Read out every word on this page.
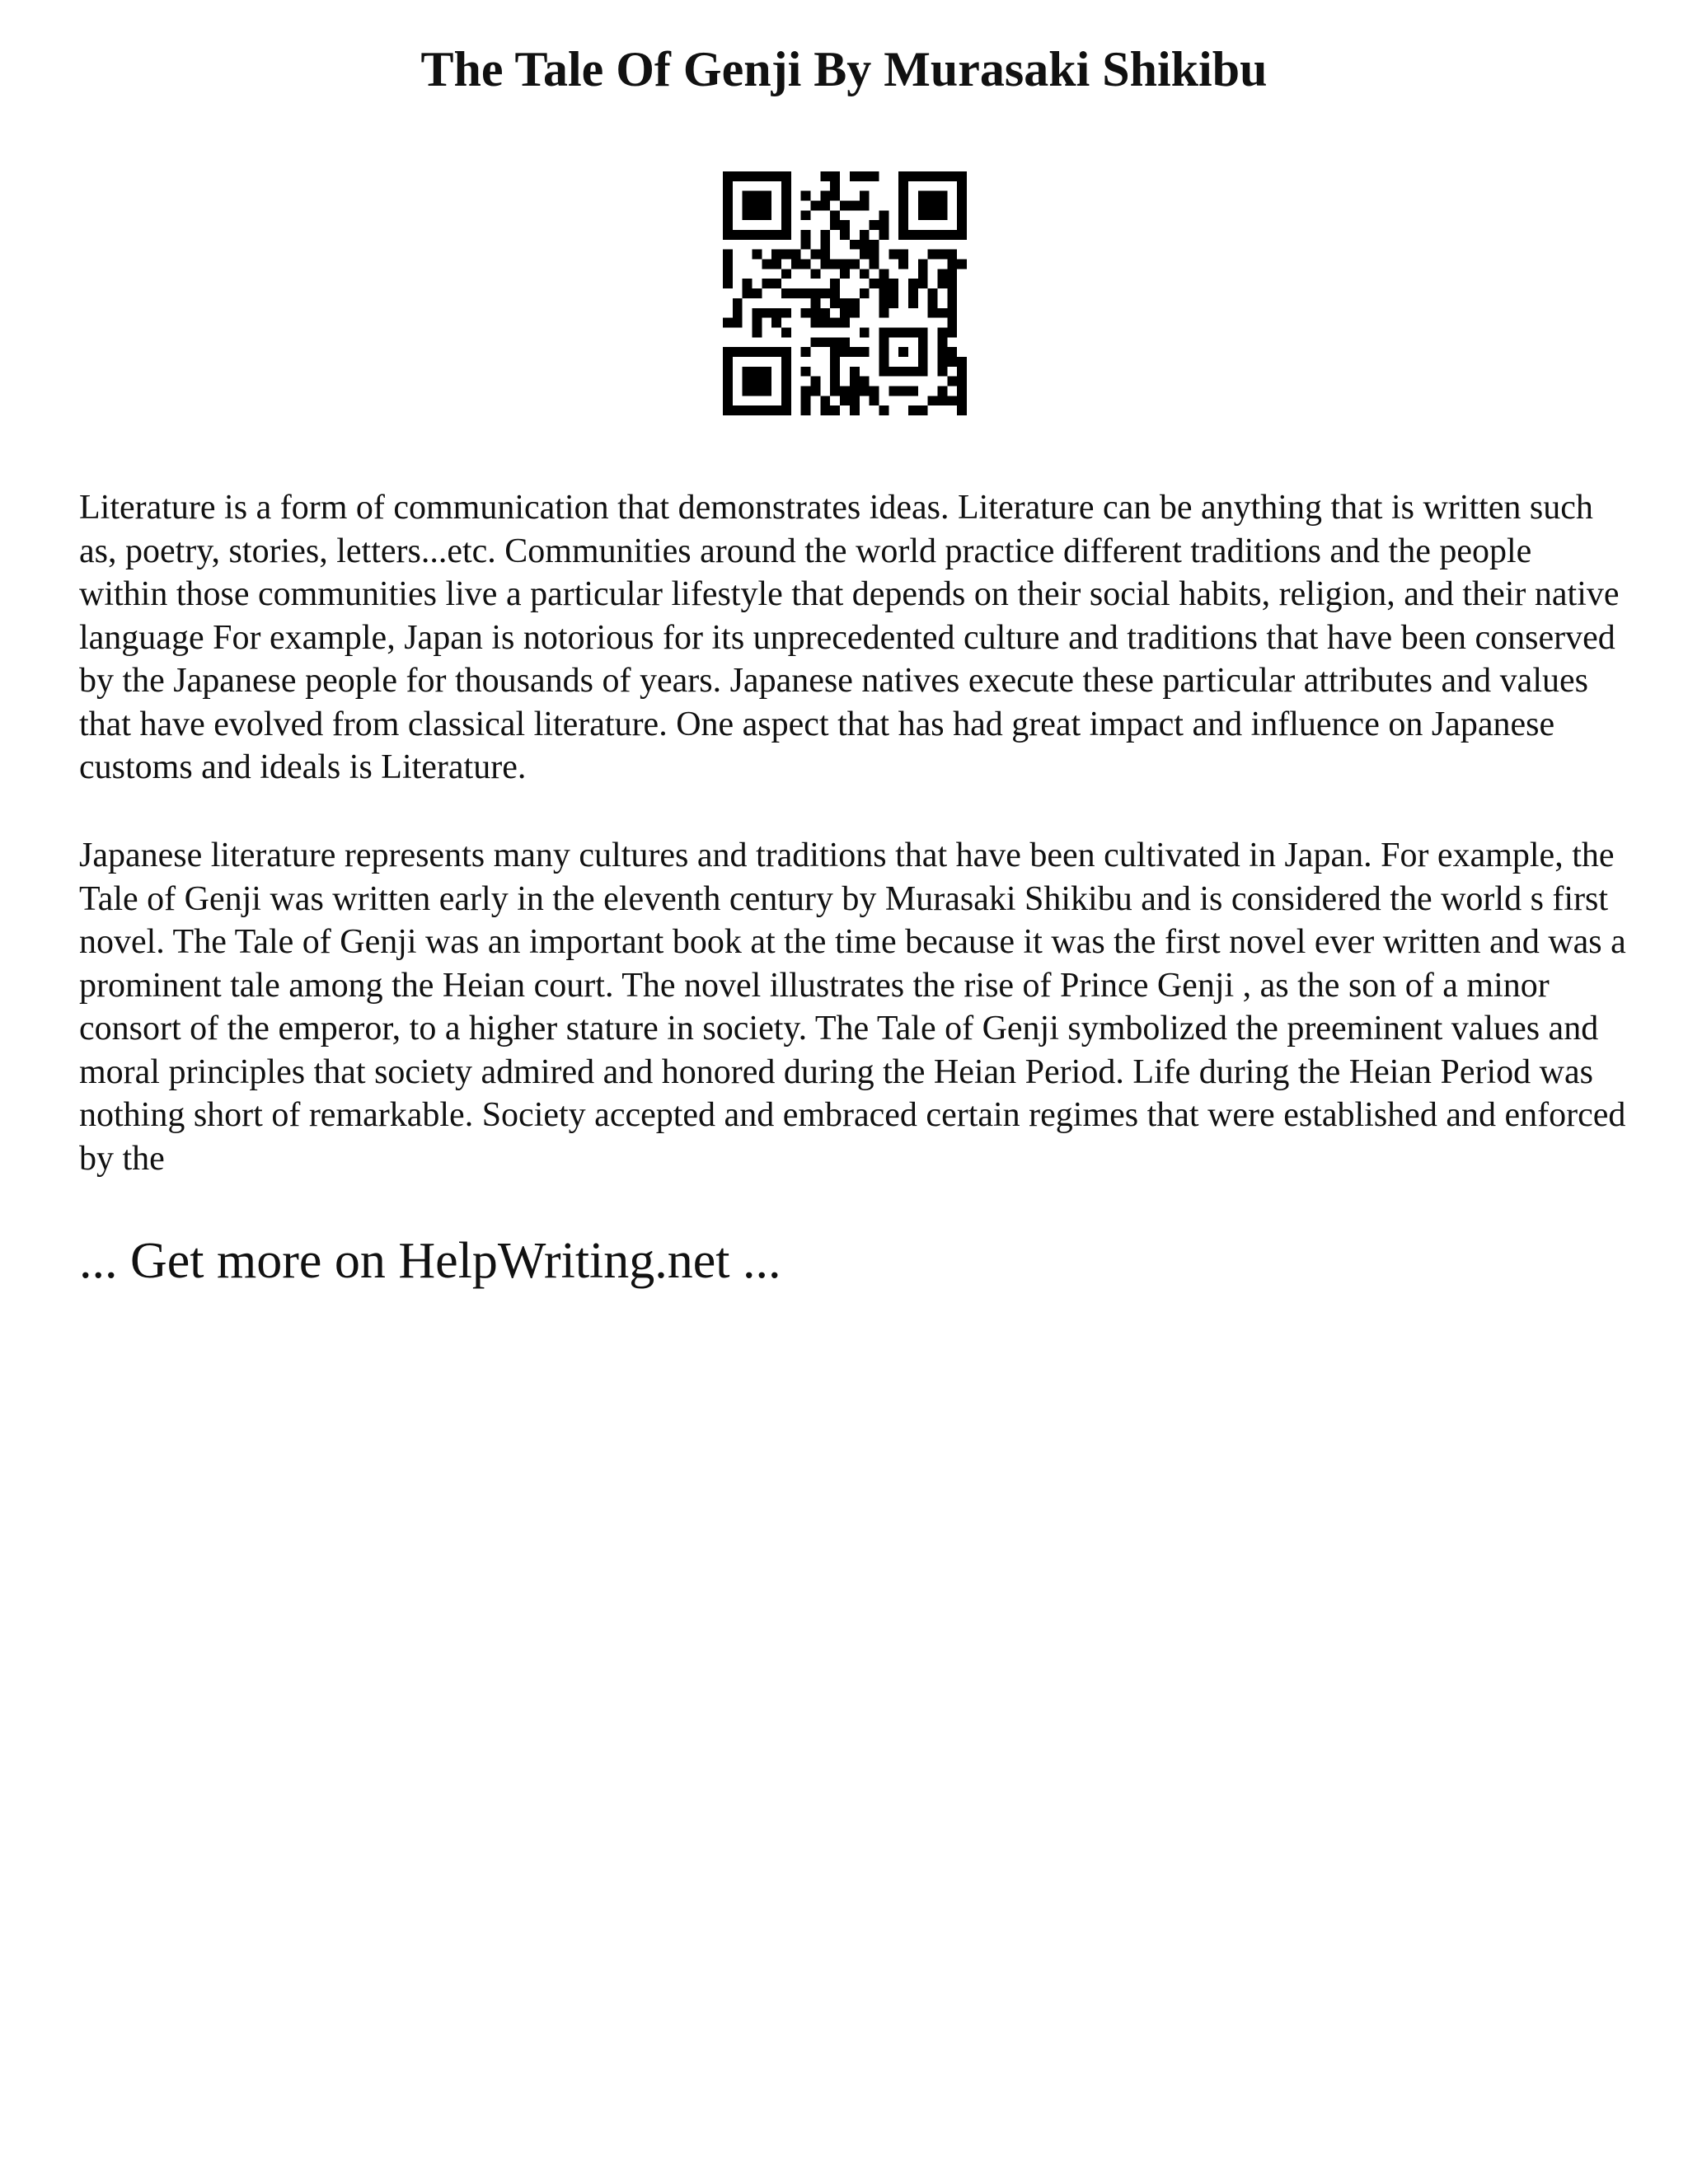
The Tale Of Genji By Murasaki Shikibu

Literature is a form of communication that demonstrates ideas. Literature can be anything that is written such as, poetry, stories, letters...etc. Communities around the world practice different traditions and the people within those communities live a particular lifestyle that depends on their social habits, religion, and their native language For example, Japan is notorious for its unprecedented culture and traditions that have been conserved by the Japanese people for thousands of years. Japanese natives execute these particular attributes and values that have evolved from classical literature. One aspect that has had great impact and influence on Japanese customs and ideals is Literature.

Japanese literature represents many cultures and traditions that have been cultivated in Japan. For example, the Tale of Genji was written early in the eleventh century by Murasaki Shikibu and is considered the world s first novel. The Tale of Genji was an important book at the time because it was the first novel ever written and was a prominent tale among the Heian court. The novel illustrates the rise of Prince Genji , as the son of a minor consort of the emperor, to a higher stature in society. The Tale of Genji symbolized the preeminent values and moral principles that society admired and honored during the Heian Period. Life during the Heian Period was nothing short of remarkable. Society accepted and embraced certain regimes that were established and enforced by the

... Get more on HelpWriting.net ...
